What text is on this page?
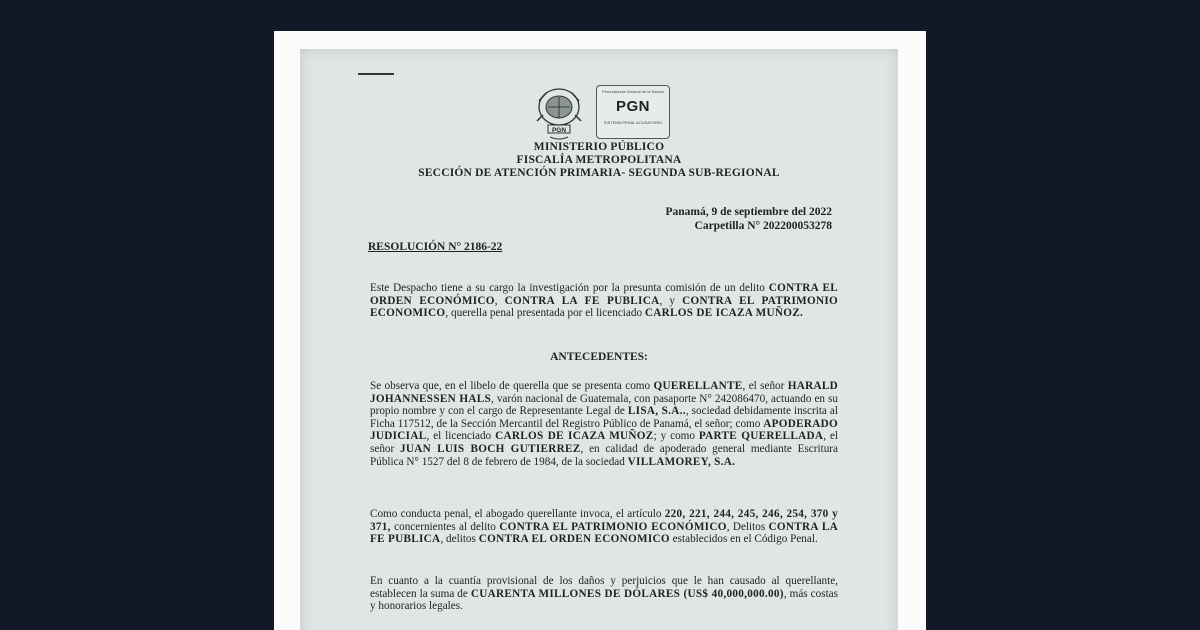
PGN
Procuraduría General de la Nación
PGN
SISTEMA PENAL ACUSATORIO
MINISTERIO PÚBLICO
FISCALÍA METROPOLITANA
SECCIÓN DE ATENCIÓN PRIMARIA- SEGUNDA SUB-REGIONAL
Panamá, 9 de septiembre del 2022
Carpetilla N° 202200053278
RESOLUCIÓN N° 2186-22
Este Despacho tiene a su cargo la investigación por la presunta comisión de un delito CONTRA EL ORDEN ECONÓMICO, CONTRA LA FE PUBLICA, y CONTRA EL PATRIMONIO ECONOMICO, querella penal presentada por el licenciado CARLOS DE ICAZA MUÑOZ.
ANTECEDENTES:
Se observa que, en el libelo de querella que se presenta como QUERELLANTE, el señor HARALD JOHANNESSEN HALS, varón nacional de Guatemala, con pasaporte N° 242086470, actuando en su propio nombre y con el cargo de Representante Legal de LISA, S.A.., sociedad debidamente inscrita al Ficha 117512, de la Sección Mercantil del Registro Público de Panamá, el señor; como APODERADO JUDICIAL, el licenciado CARLOS DE ICAZA MUÑOZ; y como PARTE QUERELLADA, el señor JUAN LUIS BOCH GUTIERREZ, en calidad de apoderado general mediante Escritura Pública N° 1527 del 8 de febrero de 1984, de la sociedad VILLAMOREY, S.A.
Como conducta penal, el abogado querellante invoca, el artículo 220, 221, 244, 245, 246, 254, 370 y 371, concernientes al delito CONTRA EL PATRIMONIO ECONÓMICO, Delitos CONTRA LA FE PUBLICA, delitos CONTRA EL ORDEN ECONOMICO establecidos en el Código Penal.
En cuanto a la cuantía provisional de los daños y perjuicios que le han causado al querellante, establecen la suma de CUARENTA MILLONES DE DÓLARES (US$ 40,000,000.00), más costas y honorarios legales.
